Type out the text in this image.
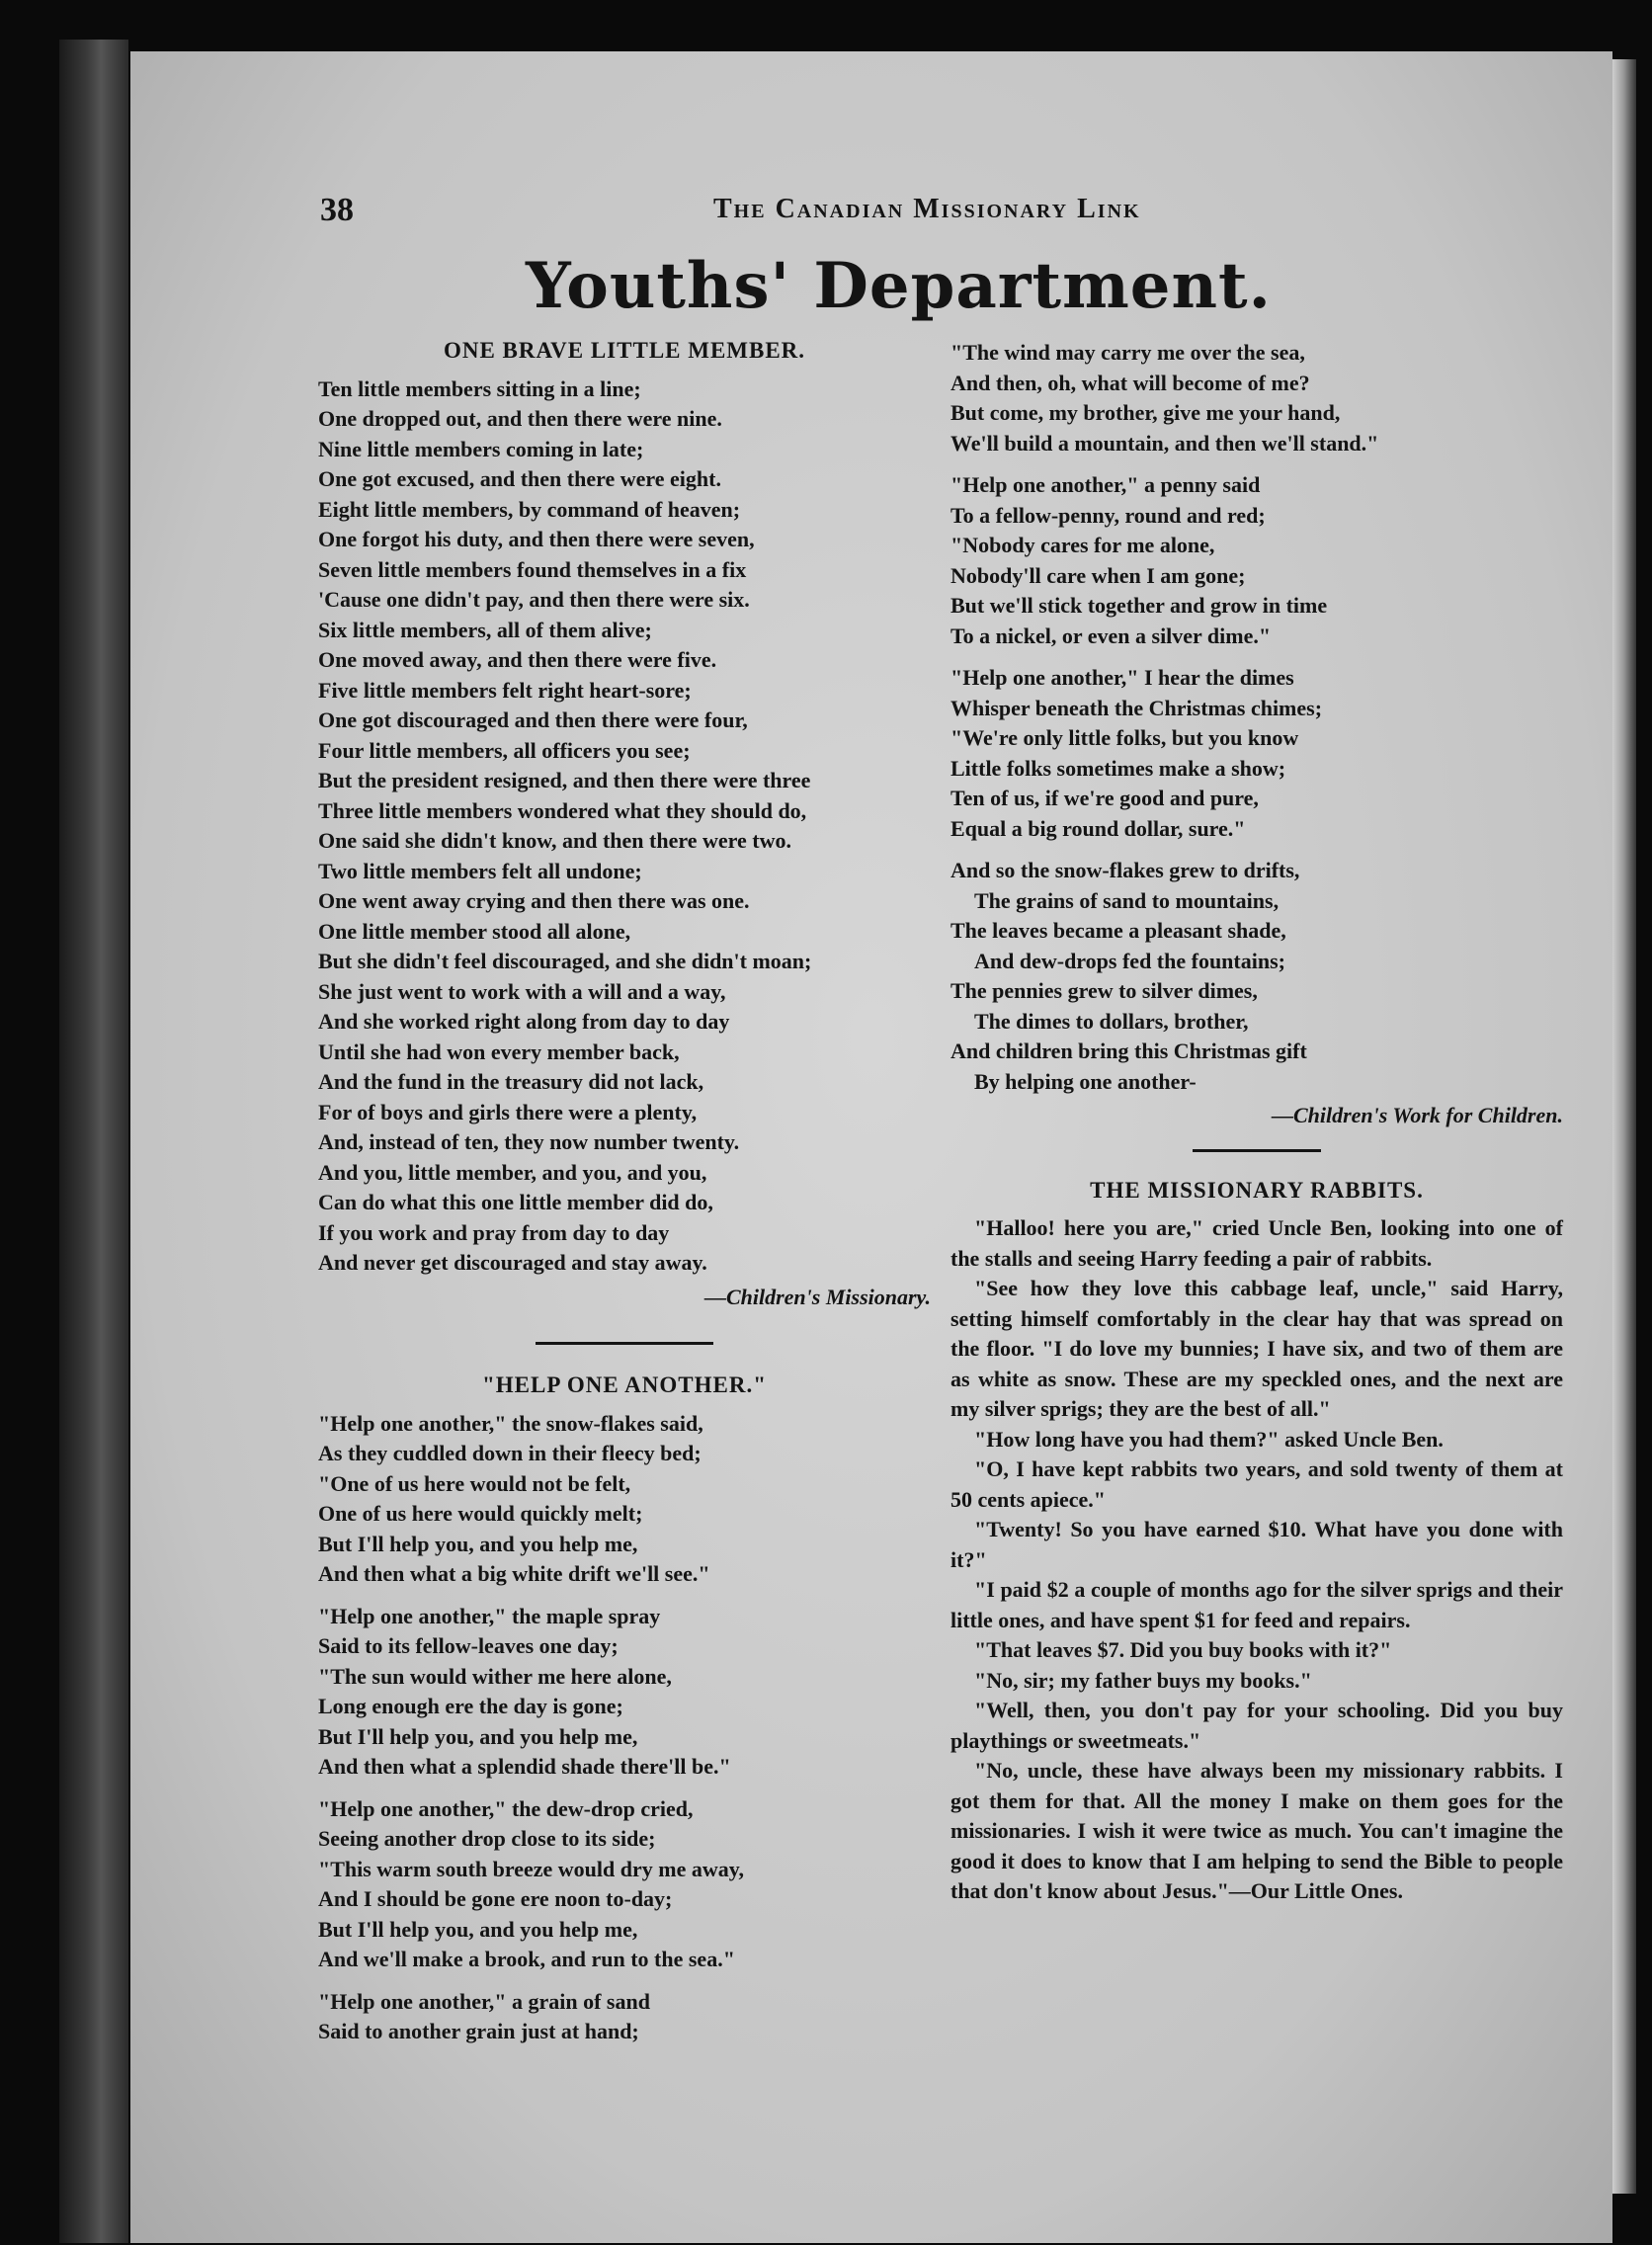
38	The Canadian Missionary Link
Youths' Department.
ONE BRAVE LITTLE MEMBER.
Ten little members sitting in a line;
One dropped out, and then there were nine.
Nine little members coming in late;
One got excused, and then there were eight.
Eight little members, by command of heaven;
One forgot his duty, and then there were seven,
Seven little members found themselves in a fix
'Cause one didn't pay, and then there were six.
Six little members, all of them alive;
One moved away, and then there were five.
Five little members felt right heart-sore;
One got discouraged and then there were four,
Four little members, all officers you see;
But the president resigned, and then there were three
Three little members wondered what they should do,
One said she didn't know, and then there were two.
Two little members felt all undone;
One went away crying and then there was one.
One little member stood all alone,
But she didn't feel discouraged, and she didn't moan;
She just went to work with a will and a way,
And she worked right along from day to day
Until she had won every member back,
And the fund in the treasury did not lack,
For of boys and girls there were a plenty,
And, instead of ten, they now number twenty.
And you, little member, and you, and you,
Can do what this one little member did do,
If you work and pray from day to day
And never get discouraged and stay away.
—Children's Missionary.
"HELP ONE ANOTHER."
"Help one another," the snow-flakes said,
As they cuddled down in their fleecy bed;
"One of us here would not be felt,
One of us here would quickly melt;
But I'll help you, and you help me,
And then what a big white drift we'll see."
"Help one another," the maple spray
Said to its fellow-leaves one day;
"The sun would wither me here alone,
Long enough ere the day is gone;
But I'll help you, and you help me,
And then what a splendid shade there'll be."
"Help one another," the dew-drop cried,
Seeing another drop close to its side;
"This warm south breeze would dry me away,
And I should be gone ere noon to-day;
But I'll help you, and you help me,
And we'll make a brook, and run to the sea."
"Help one another," a grain of sand
Said to another grain just at hand;
"The wind may carry me over the sea,
And then, oh, what will become of me?
But come, my brother, give me your hand,
We'll build a mountain, and then we'll stand."
"Help one another," a penny said
To a fellow-penny, round and red;
"Nobody cares for me alone,
Nobody'll care when I am gone;
But we'll stick together and grow in time
To a nickel, or even a silver dime."
"Help one another," I hear the dimes
Whisper beneath the Christmas chimes;
"We're only little folks, but you know
Little folks sometimes make a show;
Ten of us, if we're good and pure,
Equal a big round dollar, sure."
And so the snow-flakes grew to drifts,
The grains of sand to mountains,
The leaves became a pleasant shade,
And dew-drops fed the fountains;
The pennies grew to silver dimes,
The dimes to dollars, brother,
And children bring this Christmas gift
By helping one another-
—Children's Work for Children.
THE MISSIONARY RABBITS.
"Halloo! here you are," cried Uncle Ben, looking into one of the stalls and seeing Harry feeding a pair of rabbits.
"See how they love this cabbage leaf, uncle," said Harry, setting himself comfortably in the clear hay that was spread on the floor. "I do love my bunnies; I have six, and two of them are as white as snow. These are my speckled ones, and the next are my silver sprigs; they are the best of all."
"How long have you had them?" asked Uncle Ben.
"O, I have kept rabbits two years, and sold twenty of them at 50 cents apiece."
"Twenty! So you have earned $10. What have you done with it?"
"I paid $2 a couple of months ago for the silver sprigs and their little ones, and have spent $1 for feed and repairs.
"That leaves $7. Did you buy books with it?"
"No, sir; my father buys my books."
"Well, then, you don't pay for your schooling. Did you buy playthings or sweetmeats."
"No, uncle, these have always been my missionary rabbits. I got them for that. All the money I make on them goes for the missionaries. I wish it were twice as much. You can't imagine the good it does to know that I am helping to send the Bible to people that don't know about Jesus."—Our Little Ones.
